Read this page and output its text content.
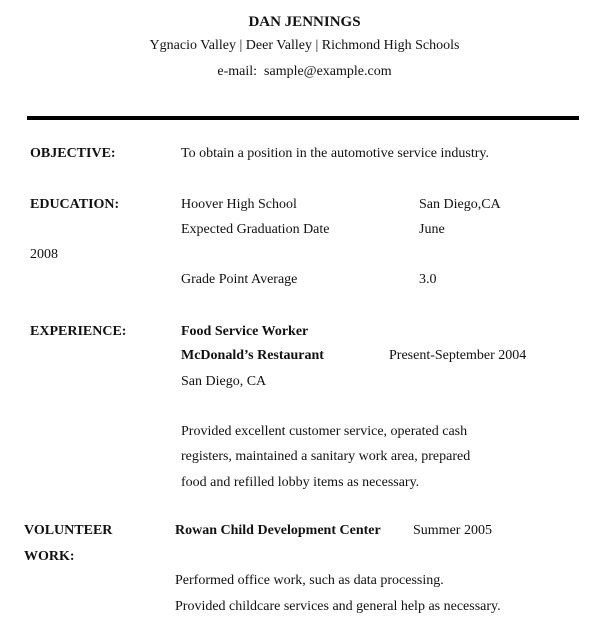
DAN JENNINGS
Ygnacio Valley | Deer Valley | Richmond High Schools
e-mail: sample@example.com
OBJECTIVE:	To obtain a position in the automotive service industry.
EDUCATION:	Hoover High School	San Diego,CA
Expected Graduation Date	June
2008
Grade Point Average	3.0
EXPERIENCE:	Food Service Worker
McDonald’s Restaurant	Present-September 2004
San Diego, CA
Provided excellent customer service, operated cash
registers, maintained a sanitary work area, prepared
food and refilled lobby items as necessary.
VOLUNTEER
WORK:
Rowan Child Development Center Summer 2005
Performed office work, such as data processing.
Provided childcare services and general help as necessary.
